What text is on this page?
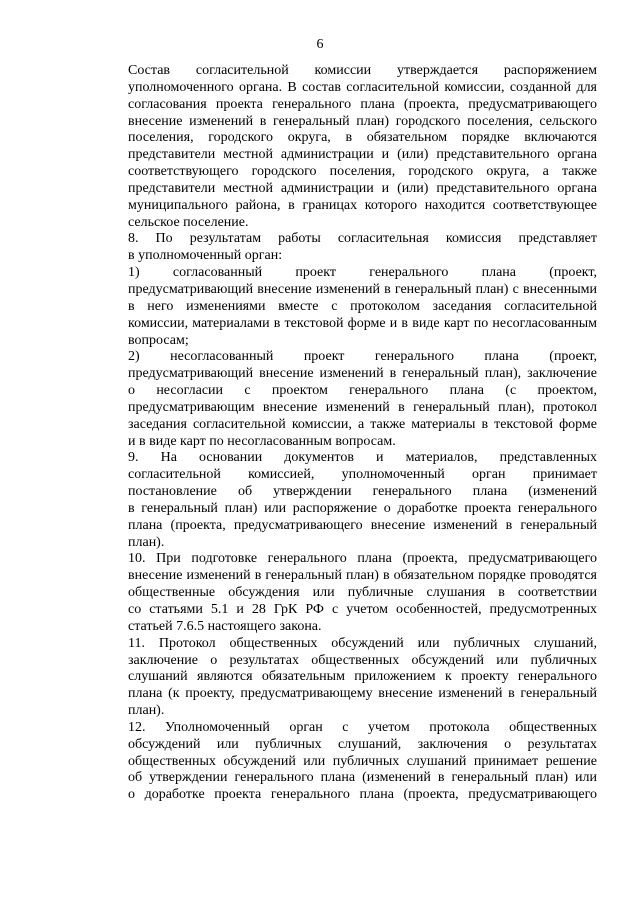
6
Состав согласительной комиссии утверждается распоряжением
уполномоченного органа. В состав согласительной комиссии, созданной для
согласования проекта генерального плана (проекта, предусматривающего
внесение изменений в генеральный план) городского поселения, сельского
поселения, городского округа, в обязательном порядке включаются
представители местной администрации и (или) представительного органа
соответствующего городского поселения, городского округа, а также
представители местной администрации и (или) представительного органа
муниципального района, в границах которого находится соответствующее
сельское поселение.
8. По результатам работы согласительная комиссия представляет
в уполномоченный орган:
1) согласованный проект генерального плана (проект,
предусматривающий внесение изменений в генеральный план) с внесенными
в него изменениями вместе с протоколом заседания согласительной
комиссии, материалами в текстовой форме и в виде карт по несогласованным
вопросам;
2) несогласованный проект генерального плана (проект,
предусматривающий внесение изменений в генеральный план), заключение
о несогласии с проектом генерального плана (с проектом,
предусматривающим внесение изменений в генеральный план), протокол
заседания согласительной комиссии, а также материалы в текстовой форме
и в виде карт по несогласованным вопросам.
9. На основании документов и материалов, представленных
согласительной комиссией, уполномоченный орган принимает
постановление об утверждении генерального плана (изменений
в генеральный план) или распоряжение о доработке проекта генерального
плана (проекта, предусматривающего внесение изменений в генеральный
план).
10. При подготовке генерального плана (проекта, предусматривающего
внесение изменений в генеральный план) в обязательном порядке проводятся
общественные обсуждения или публичные слушания в соответствии
со статьями 5.1 и 28 ГрК РФ с учетом особенностей, предусмотренных
статьей 7.6.5 настоящего закона.
11. Протокол общественных обсуждений или публичных слушаний,
заключение о результатах общественных обсуждений или публичных
слушаний являются обязательным приложением к проекту генерального
плана (к проекту, предусматривающему внесение изменений в генеральный
план).
12. Уполномоченный орган с учетом протокола общественных
обсуждений или публичных слушаний, заключения о результатах
общественных обсуждений или публичных слушаний принимает решение
об утверждении генерального плана (изменений в генеральный план) или
о доработке проекта генерального плана (проекта, предусматривающего
